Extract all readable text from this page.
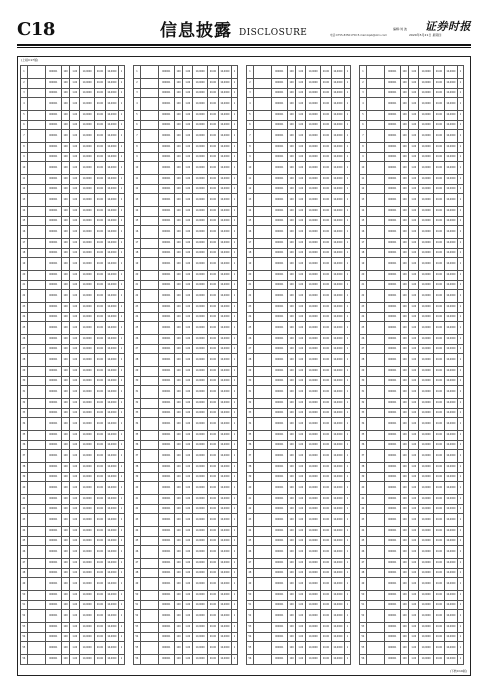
C18	信息披露 DISCLOSURE	编辑:刘 波
电话:0755-83501750 E-mail:zqsb@stcn.com	2020年5月21日 星期四
证券时报
(上接C17版)
1		000001	100	1.00	10,0000	20.00	10,0000	1
2		000001	100	1.00	10,0000	20.00	10,0000	1
3		000001	100	1.00	10,0000	20.00	10,0000	1
4		000001	100	1.00	10,0000	20.00	10,0000	1
5		000001	100	1.00	10,0000	20.00	10,0000	1
6		000001	100	1.00	10,0000	20.00	10,0000	1
7		000001	100	1.00	10,0000	20.00	10,0000	1
8		000001	100	1.00	10,0000	20.00	10,0000	1
9		000001	100	1.00	10,0000	20.00	10,0000	1
10		000001	100	1.00	10,0000	20.00	10,0000	1
11		000001	100	1.00	10,0000	20.00	10,0000	1
12		000001	100	1.00	10,0000	20.00	10,0000	1
13		000001	100	1.00	10,0000	20.00	10,0000	1
14		000001	100	1.00	10,0000	20.00	10,0000	1
15		000001	100	1.00	10,0000	20.00	10,0000	1
16		000001	100	1.00	10,0000	20.00	10,0000	1
17		000001	100	1.00	10,0000	20.00	10,0000	1
18		000001	100	1.00	10,0000	20.00	10,0000	1
19		000001	100	1.00	10,0000	20.00	10,0000	1
20		000001	100	1.00	10,0000	20.00	10,0000	1
21		000001	100	1.00	10,0000	20.00	10,0000	1
22		000001	100	1.00	10,0000	20.00	10,0000	1
23		000001	100	1.00	10,0000	20.00	10,0000	1
24		000001	100	1.00	10,0000	20.00	10,0000	1
25		000001	100	1.00	10,0000	20.00	10,0000	1
26		000001	100	1.00	10,0000	20.00	10,0000	1
27		000001	100	1.00	10,0000	20.00	10,0000	1
28		000001	100	1.00	10,0000	20.00	10,0000	1
29		000001	100	1.00	10,0000	20.00	10,0000	1
30		000001	100	1.00	10,0000	20.00	10,0000	1
31		000001	100	1.00	10,0000	20.00	10,0000	1
32		000001	100	1.00	10,0000	20.00	10,0000	1
33		000001	100	1.00	10,0000	20.00	10,0000	1
34		000001	100	1.00	10,0000	20.00	10,0000	1
35		000001	100	1.00	10,0000	20.00	10,0000	1
36		000001	100	1.00	10,0000	20.00	10,0000	1
37		000001	100	1.00	10,0000	20.00	10,0000	1
38		000001	100	1.00	10,0000	20.00	10,0000	1
39		000001	100	1.00	10,0000	20.00	10,0000	1
40		000001	100	1.00	10,0000	20.00	10,0000	1
41		000001	100	1.00	10,0000	20.00	10,0000	1
42		000001	100	1.00	10,0000	20.00	10,0000	1
43		000001	100	1.00	10,0000	20.00	10,0000	1
44		000001	100	1.00	10,0000	20.00	10,0000	1
45		000001	100	1.00	10,0000	20.00	10,0000	1
46		000001	100	1.00	10,0000	20.00	10,0000	1
47		000001	100	1.00	10,0000	20.00	10,0000	1
48		000001	100	1.00	10,0000	20.00	10,0000	1
49		000001	100	1.00	10,0000	20.00	10,0000	1
50		000001	100	1.00	10,0000	20.00	10,0000	1
51		000001	100	1.00	10,0000	20.00	10,0000	1
52		000001	100	1.00	10,0000	20.00	10,0000	1
53		000001	100	1.00	10,0000	20.00	10,0000	1
54		000001	100	1.00	10,0000	20.00	10,0000	1
55		000001	100	1.00	10,0000	20.00	10,0000	1
56		000001	100	1.00	10,0000	20.00	10,0000	1
1		000001	100	1.00	10,0000	20.00	10,0000	1
2		000001	100	1.00	10,0000	20.00	10,0000	1
3		000001	100	1.00	10,0000	20.00	10,0000	1
4		000001	100	1.00	10,0000	20.00	10,0000	1
5		000001	100	1.00	10,0000	20.00	10,0000	1
6		000001	100	1.00	10,0000	20.00	10,0000	1
7		000001	100	1.00	10,0000	20.00	10,0000	1
8		000001	100	1.00	10,0000	20.00	10,0000	1
9		000001	100	1.00	10,0000	20.00	10,0000	1
10		000001	100	1.00	10,0000	20.00	10,0000	1
11		000001	100	1.00	10,0000	20.00	10,0000	1
12		000001	100	1.00	10,0000	20.00	10,0000	1
13		000001	100	1.00	10,0000	20.00	10,0000	1
14		000001	100	1.00	10,0000	20.00	10,0000	1
15		000001	100	1.00	10,0000	20.00	10,0000	1
16		000001	100	1.00	10,0000	20.00	10,0000	1
17		000001	100	1.00	10,0000	20.00	10,0000	1
18		000001	100	1.00	10,0000	20.00	10,0000	1
19		000001	100	1.00	10,0000	20.00	10,0000	1
20		000001	100	1.00	10,0000	20.00	10,0000	1
21		000001	100	1.00	10,0000	20.00	10,0000	1
22		000001	100	1.00	10,0000	20.00	10,0000	1
23		000001	100	1.00	10,0000	20.00	10,0000	1
24		000001	100	1.00	10,0000	20.00	10,0000	1
25		000001	100	1.00	10,0000	20.00	10,0000	1
26		000001	100	1.00	10,0000	20.00	10,0000	1
27		000001	100	1.00	10,0000	20.00	10,0000	1
28		000001	100	1.00	10,0000	20.00	10,0000	1
29		000001	100	1.00	10,0000	20.00	10,0000	1
30		000001	100	1.00	10,0000	20.00	10,0000	1
31		000001	100	1.00	10,0000	20.00	10,0000	1
32		000001	100	1.00	10,0000	20.00	10,0000	1
33		000001	100	1.00	10,0000	20.00	10,0000	1
34		000001	100	1.00	10,0000	20.00	10,0000	1
35		000001	100	1.00	10,0000	20.00	10,0000	1
36		000001	100	1.00	10,0000	20.00	10,0000	1
37		000001	100	1.00	10,0000	20.00	10,0000	1
38		000001	100	1.00	10,0000	20.00	10,0000	1
39		000001	100	1.00	10,0000	20.00	10,0000	1
40		000001	100	1.00	10,0000	20.00	10,0000	1
41		000001	100	1.00	10,0000	20.00	10,0000	1
42		000001	100	1.00	10,0000	20.00	10,0000	1
43		000001	100	1.00	10,0000	20.00	10,0000	1
44		000001	100	1.00	10,0000	20.00	10,0000	1
45		000001	100	1.00	10,0000	20.00	10,0000	1
46		000001	100	1.00	10,0000	20.00	10,0000	1
47		000001	100	1.00	10,0000	20.00	10,0000	1
48		000001	100	1.00	10,0000	20.00	10,0000	1
49		000001	100	1.00	10,0000	20.00	10,0000	1
50		000001	100	1.00	10,0000	20.00	10,0000	1
51		000001	100	1.00	10,0000	20.00	10,0000	1
52		000001	100	1.00	10,0000	20.00	10,0000	1
53		000001	100	1.00	10,0000	20.00	10,0000	1
54		000001	100	1.00	10,0000	20.00	10,0000	1
55		000001	100	1.00	10,0000	20.00	10,0000	1
56		000001	100	1.00	10,0000	20.00	10,0000	1
1		000001	100	1.00	10,0000	20.00	10,0000	1
2		000001	100	1.00	10,0000	20.00	10,0000	1
3		000001	100	1.00	10,0000	20.00	10,0000	1
4		000001	100	1.00	10,0000	20.00	10,0000	1
5		000001	100	1.00	10,0000	20.00	10,0000	1
6		000001	100	1.00	10,0000	20.00	10,0000	1
7		000001	100	1.00	10,0000	20.00	10,0000	1
8		000001	100	1.00	10,0000	20.00	10,0000	1
9		000001	100	1.00	10,0000	20.00	10,0000	1
10		000001	100	1.00	10,0000	20.00	10,0000	1
11		000001	100	1.00	10,0000	20.00	10,0000	1
12		000001	100	1.00	10,0000	20.00	10,0000	1
13		000001	100	1.00	10,0000	20.00	10,0000	1
14		000001	100	1.00	10,0000	20.00	10,0000	1
15		000001	100	1.00	10,0000	20.00	10,0000	1
16		000001	100	1.00	10,0000	20.00	10,0000	1
17		000001	100	1.00	10,0000	20.00	10,0000	1
18		000001	100	1.00	10,0000	20.00	10,0000	1
19		000001	100	1.00	10,0000	20.00	10,0000	1
20		000001	100	1.00	10,0000	20.00	10,0000	1
21		000001	100	1.00	10,0000	20.00	10,0000	1
22		000001	100	1.00	10,0000	20.00	10,0000	1
23		000001	100	1.00	10,0000	20.00	10,0000	1
24		000001	100	1.00	10,0000	20.00	10,0000	1
25		000001	100	1.00	10,0000	20.00	10,0000	1
26		000001	100	1.00	10,0000	20.00	10,0000	1
27		000001	100	1.00	10,0000	20.00	10,0000	1
28		000001	100	1.00	10,0000	20.00	10,0000	1
29		000001	100	1.00	10,0000	20.00	10,0000	1
30		000001	100	1.00	10,0000	20.00	10,0000	1
31		000001	100	1.00	10,0000	20.00	10,0000	1
32		000001	100	1.00	10,0000	20.00	10,0000	1
33		000001	100	1.00	10,0000	20.00	10,0000	1
34		000001	100	1.00	10,0000	20.00	10,0000	1
35		000001	100	1.00	10,0000	20.00	10,0000	1
36		000001	100	1.00	10,0000	20.00	10,0000	1
37		000001	100	1.00	10,0000	20.00	10,0000	1
38		000001	100	1.00	10,0000	20.00	10,0000	1
39		000001	100	1.00	10,0000	20.00	10,0000	1
40		000001	100	1.00	10,0000	20.00	10,0000	1
41		000001	100	1.00	10,0000	20.00	10,0000	1
42		000001	100	1.00	10,0000	20.00	10,0000	1
43		000001	100	1.00	10,0000	20.00	10,0000	1
44		000001	100	1.00	10,0000	20.00	10,0000	1
45		000001	100	1.00	10,0000	20.00	10,0000	1
46		000001	100	1.00	10,0000	20.00	10,0000	1
47		000001	100	1.00	10,0000	20.00	10,0000	1
48		000001	100	1.00	10,0000	20.00	10,0000	1
49		000001	100	1.00	10,0000	20.00	10,0000	1
50		000001	100	1.00	10,0000	20.00	10,0000	1
51		000001	100	1.00	10,0000	20.00	10,0000	1
52		000001	100	1.00	10,0000	20.00	10,0000	1
53		000001	100	1.00	10,0000	20.00	10,0000	1
54		000001	100	1.00	10,0000	20.00	10,0000	1
55		000001	100	1.00	10,0000	20.00	10,0000	1
56		000001	100	1.00	10,0000	20.00	10,0000	1
1		000001	100	1.00	10,0000	20.00	10,0000	1
2		000001	100	1.00	10,0000	20.00	10,0000	1
3		000001	100	1.00	10,0000	20.00	10,0000	1
4		000001	100	1.00	10,0000	20.00	10,0000	1
5		000001	100	1.00	10,0000	20.00	10,0000	1
6		000001	100	1.00	10,0000	20.00	10,0000	1
7		000001	100	1.00	10,0000	20.00	10,0000	1
8		000001	100	1.00	10,0000	20.00	10,0000	1
9		000001	100	1.00	10,0000	20.00	10,0000	1
10		000001	100	1.00	10,0000	20.00	10,0000	1
11		000001	100	1.00	10,0000	20.00	10,0000	1
12		000001	100	1.00	10,0000	20.00	10,0000	1
13		000001	100	1.00	10,0000	20.00	10,0000	1
14		000001	100	1.00	10,0000	20.00	10,0000	1
15		000001	100	1.00	10,0000	20.00	10,0000	1
16		000001	100	1.00	10,0000	20.00	10,0000	1
17		000001	100	1.00	10,0000	20.00	10,0000	1
18		000001	100	1.00	10,0000	20.00	10,0000	1
19		000001	100	1.00	10,0000	20.00	10,0000	1
20		000001	100	1.00	10,0000	20.00	10,0000	1
21		000001	100	1.00	10,0000	20.00	10,0000	1
22		000001	100	1.00	10,0000	20.00	10,0000	1
23		000001	100	1.00	10,0000	20.00	10,0000	1
24		000001	100	1.00	10,0000	20.00	10,0000	1
25		000001	100	1.00	10,0000	20.00	10,0000	1
26		000001	100	1.00	10,0000	20.00	10,0000	1
27		000001	100	1.00	10,0000	20.00	10,0000	1
28		000001	100	1.00	10,0000	20.00	10,0000	1
29		000001	100	1.00	10,0000	20.00	10,0000	1
30		000001	100	1.00	10,0000	20.00	10,0000	1
31		000001	100	1.00	10,0000	20.00	10,0000	1
32		000001	100	1.00	10,0000	20.00	10,0000	1
33		000001	100	1.00	10,0000	20.00	10,0000	1
34		000001	100	1.00	10,0000	20.00	10,0000	1
35		000001	100	1.00	10,0000	20.00	10,0000	1
36		000001	100	1.00	10,0000	20.00	10,0000	1
37		000001	100	1.00	10,0000	20.00	10,0000	1
38		000001	100	1.00	10,0000	20.00	10,0000	1
39		000001	100	1.00	10,0000	20.00	10,0000	1
40		000001	100	1.00	10,0000	20.00	10,0000	1
41		000001	100	1.00	10,0000	20.00	10,0000	1
42		000001	100	1.00	10,0000	20.00	10,0000	1
43		000001	100	1.00	10,0000	20.00	10,0000	1
44		000001	100	1.00	10,0000	20.00	10,0000	1
45		000001	100	1.00	10,0000	20.00	10,0000	1
46		000001	100	1.00	10,0000	20.00	10,0000	1
47		000001	100	1.00	10,0000	20.00	10,0000	1
48		000001	100	1.00	10,0000	20.00	10,0000	1
49		000001	100	1.00	10,0000	20.00	10,0000	1
50		000001	100	1.00	10,0000	20.00	10,0000	1
51		000001	100	1.00	10,0000	20.00	10,0000	1
52		000001	100	1.00	10,0000	20.00	10,0000	1
53		000001	100	1.00	10,0000	20.00	10,0000	1
54		000001	100	1.00	10,0000	20.00	10,0000	1
55		000001	100	1.00	10,0000	20.00	10,0000	1
56		000001	100	1.00	10,0000	20.00	10,0000	1
(下转C19版)
